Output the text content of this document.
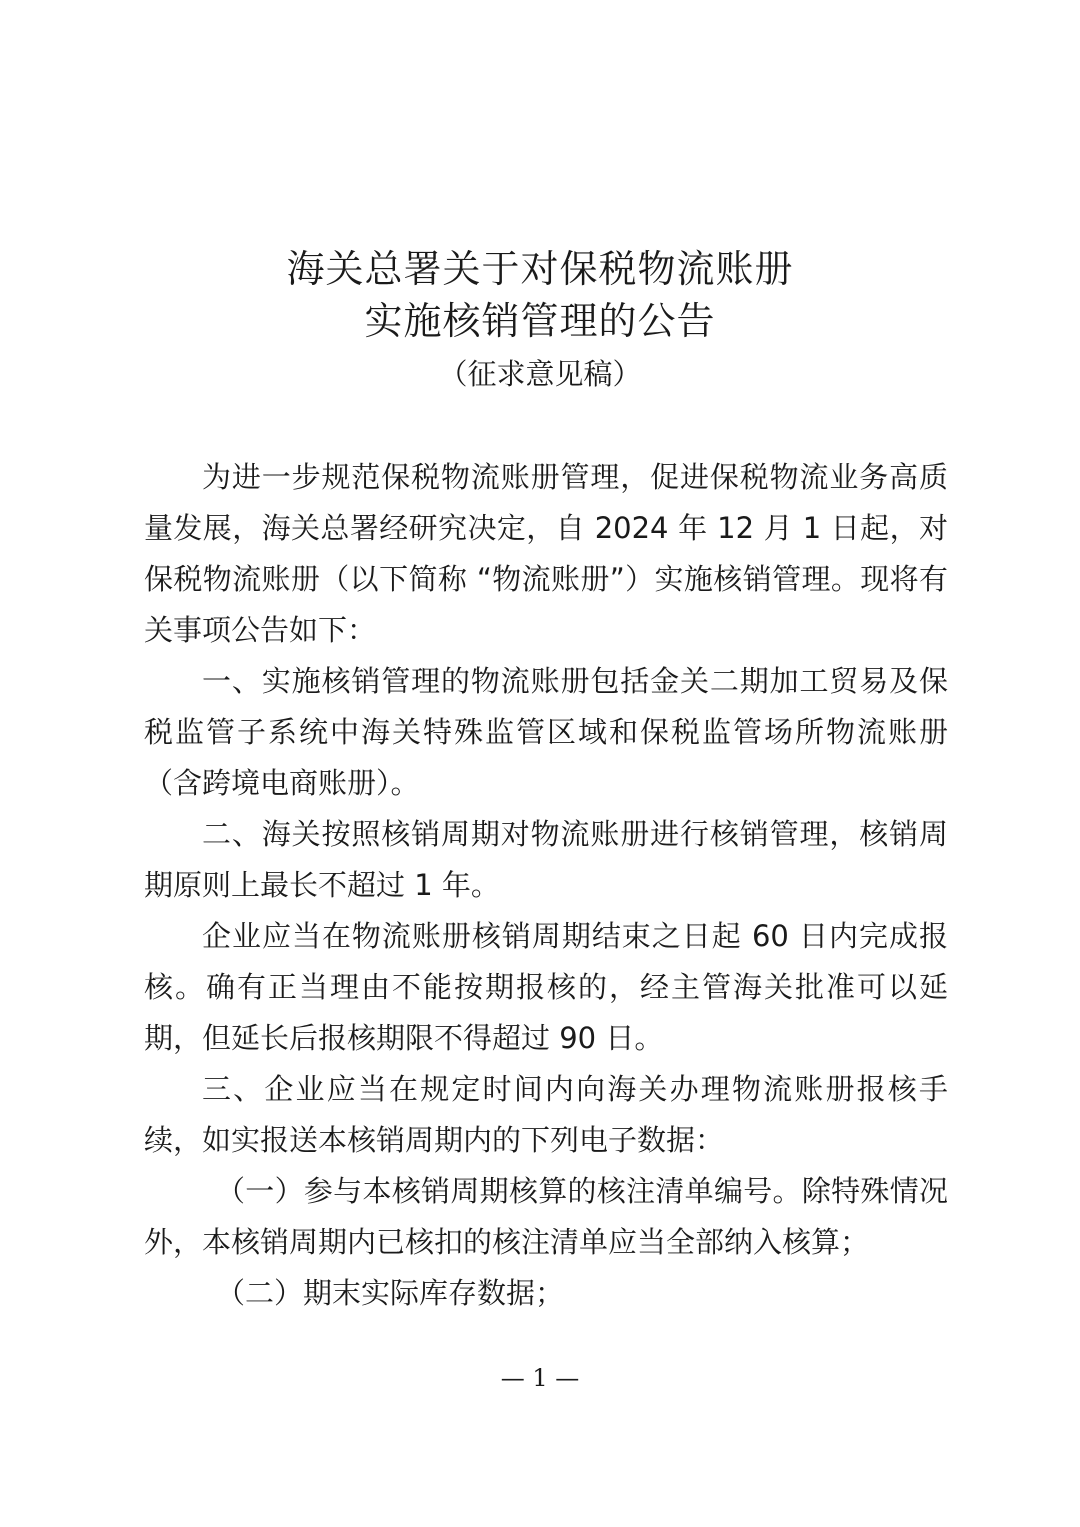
海关总署关于对保税物流账册
实施核销管理的公告
（征求意见稿）

为进一步规范保税物流账册管理，促进保税物流业务高质量发展，海关总署经研究决定，自 2024 年 12 月 1 日起，对保税物流账册（以下简称 “物流账册”）实施核销管理。现将有关事项公告如下：

一、实施核销管理的物流账册包括金关二期加工贸易及保税监管子系统中海关特殊监管区域和保税监管场所物流账册（含跨境电商账册）。

二、海关按照核销周期对物流账册进行核销管理，核销周期原则上最长不超过 1 年。

企业应当在物流账册核销周期结束之日起 60 日内完成报核。确有正当理由不能按期报核的，经主管海关批准可以延期，但延长后报核期限不得超过 90 日。

三、企业应当在规定时间内向海关办理物流账册报核手续，如实报送本核销周期内的下列电子数据：

（一）参与本核销周期核算的核注清单编号。除特殊情况外，本核销周期内已核扣的核注清单应当全部纳入核算；

（二）期末实际库存数据；

— 1 —
